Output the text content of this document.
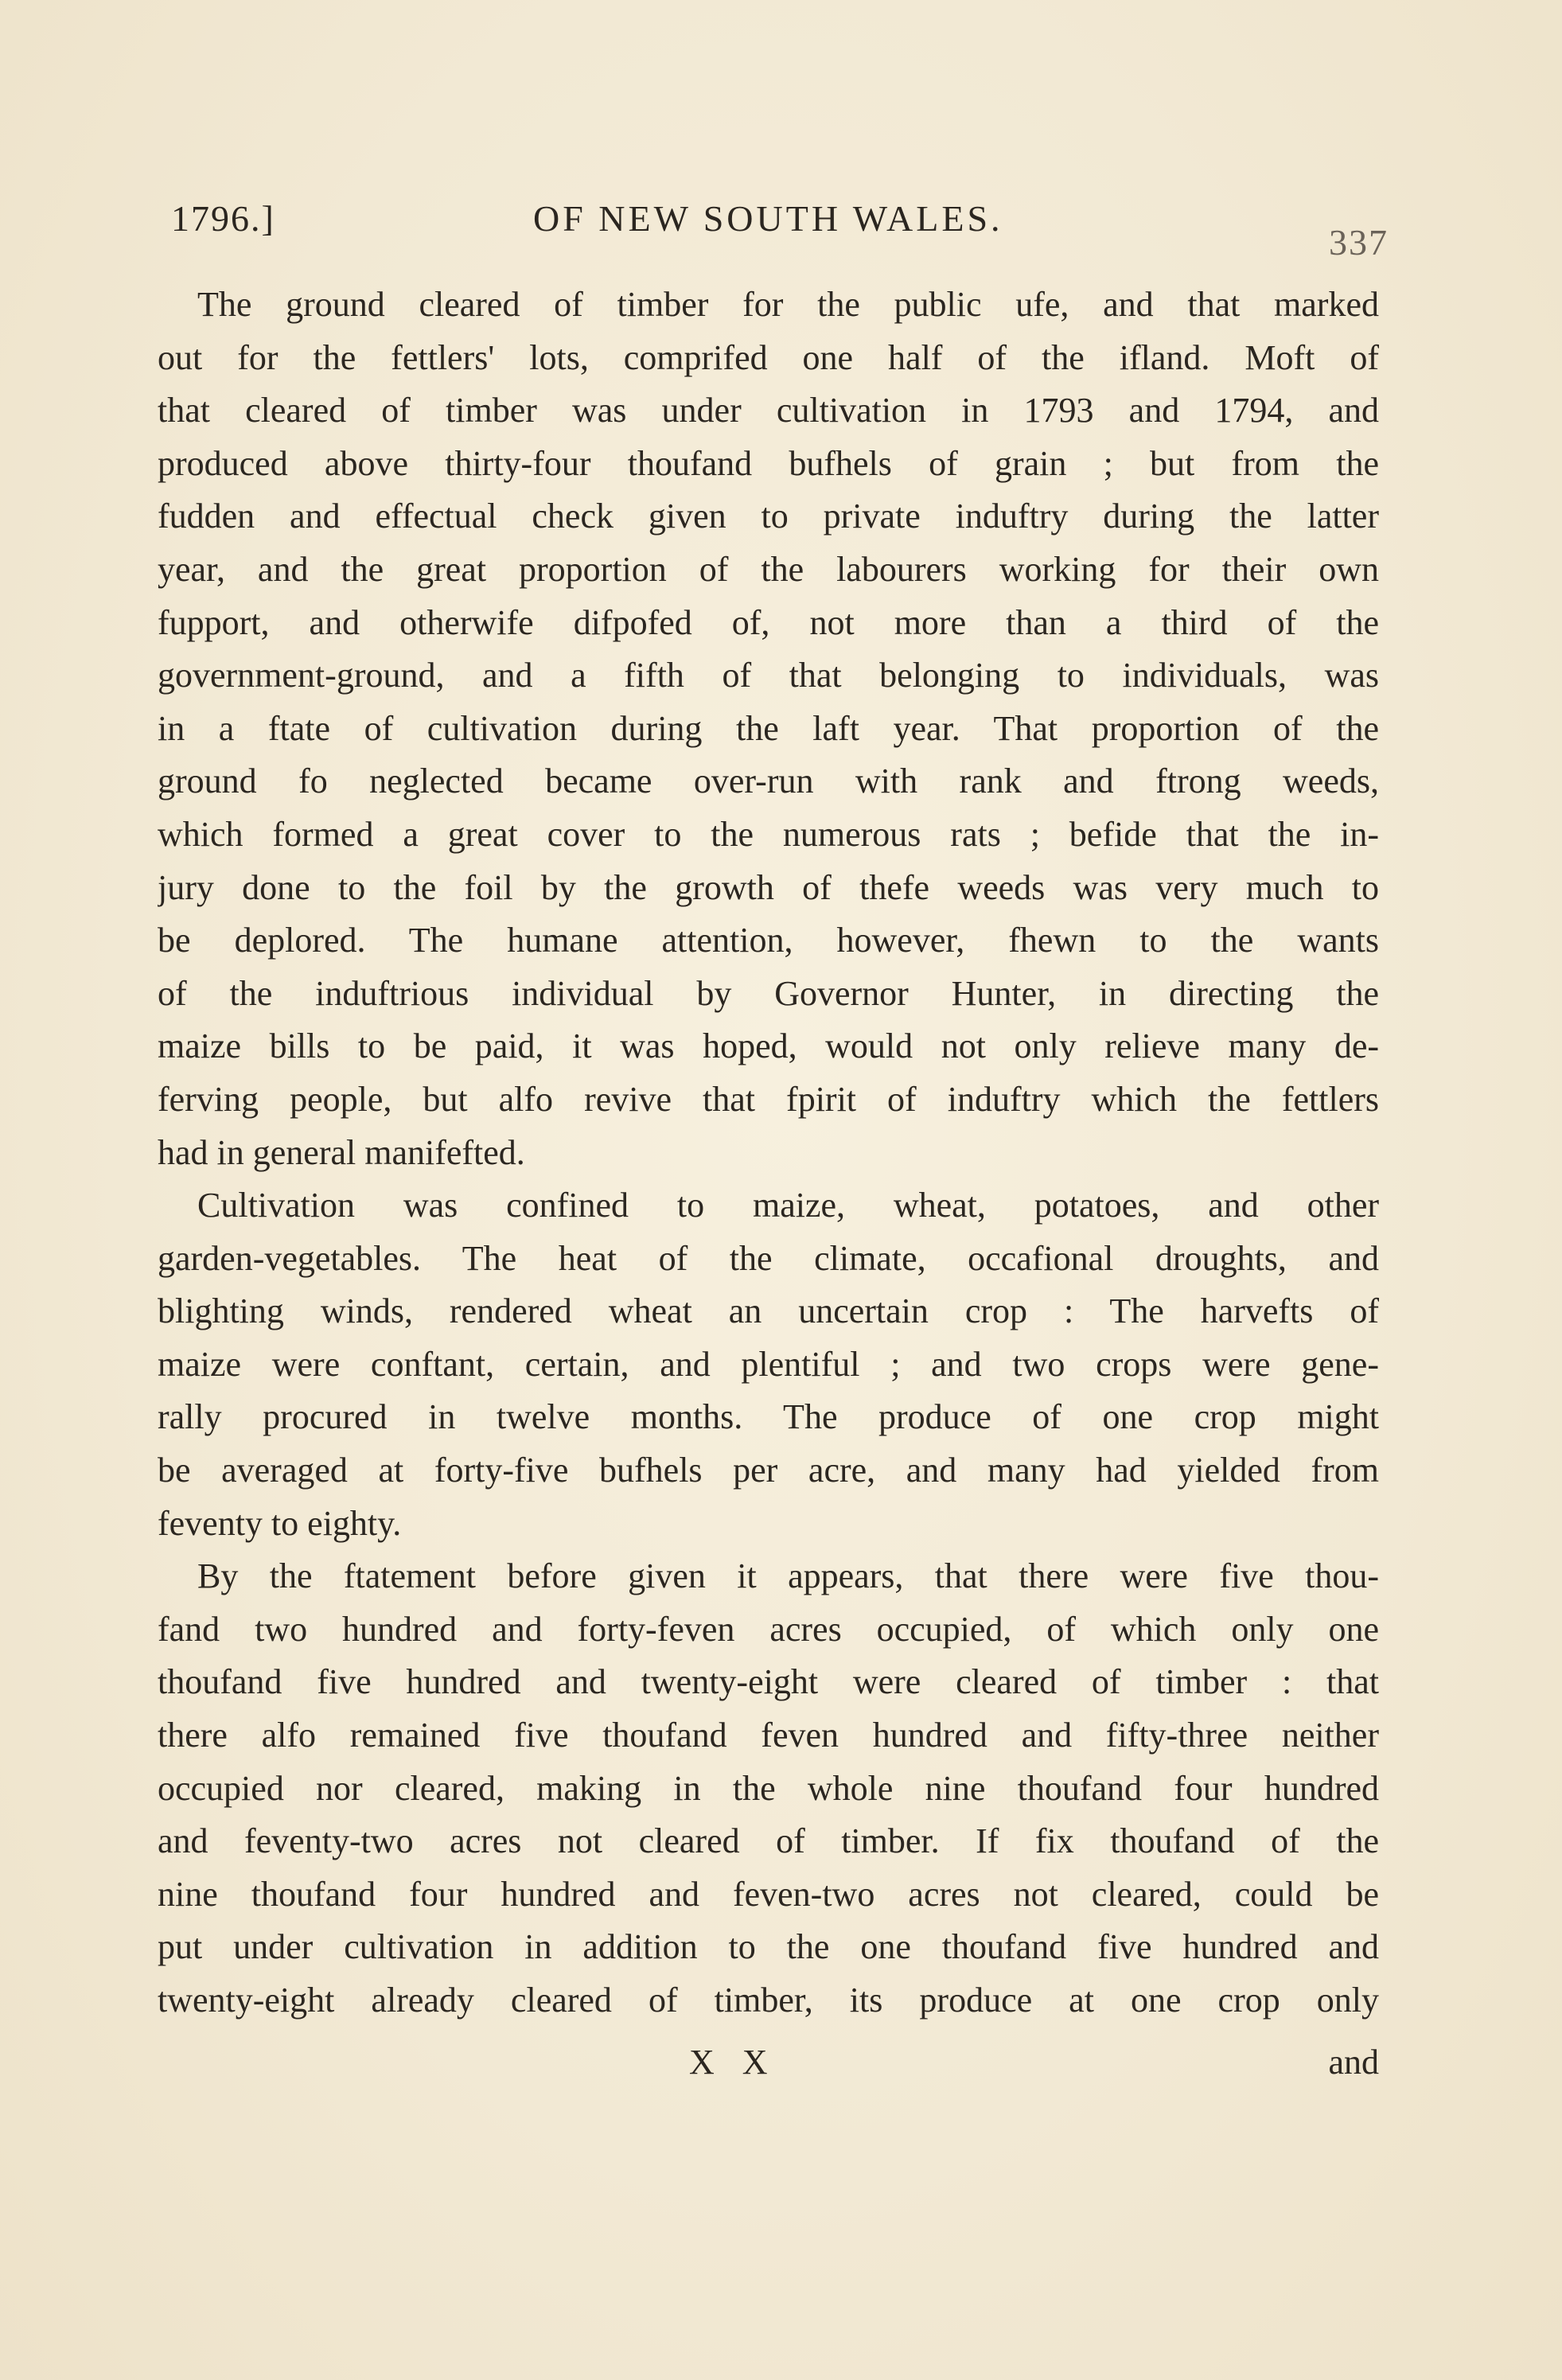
1796.]	OF NEW SOUTH WALES.
337
The ground cleared of timber for the public ufe, and that marked
out for the fettlers' lots, comprifed one half of the ifland. Moft of
that cleared of timber was under cultivation in 1793 and 1794, and
produced above thirty-four thoufand bufhels of grain ; but from the
fudden and effectual check given to private induftry during the latter
year, and the great proportion of the labourers working for their own
fupport, and otherwife difpofed of, not more than a third of the
government-ground, and a fifth of that belonging to individuals, was
in a ftate of cultivation during the laft year. That proportion of the
ground fo neglected became over-run with rank and ftrong weeds,
which formed a great cover to the numerous rats ; befide that the in-
jury done to the foil by the growth of thefe weeds was very much to
be deplored. The humane attention, however, fhewn to the wants
of the induftrious individual by Governor Hunter, in directing the
maize bills to be paid, it was hoped, would not only relieve many de-
ferving people, but alfo revive that fpirit of induftry which the fettlers
had in general manifefted.
Cultivation was confined to maize, wheat, potatoes, and other
garden-vegetables. The heat of the climate, occafional droughts, and
blighting winds, rendered wheat an uncertain crop : The harvefts of
maize were conftant, certain, and plentiful ; and two crops were gene-
rally procured in twelve months. The produce of one crop might
be averaged at forty-five bufhels per acre, and many had yielded from
feventy to eighty.
By the ftatement before given it appears, that there were five thou-
fand two hundred and forty-feven acres occupied, of which only one
thoufand five hundred and twenty-eight were cleared of timber : that
there alfo remained five thoufand feven hundred and fifty-three neither
occupied nor cleared, making in the whole nine thoufand four hundred
and feventy-two acres not cleared of timber. If fix thoufand of the
nine thoufand four hundred and feven-two acres not cleared, could be
put under cultivation in addition to the one thoufand five hundred and
twenty-eight already cleared of timber, its produce at one crop only
X X	and
